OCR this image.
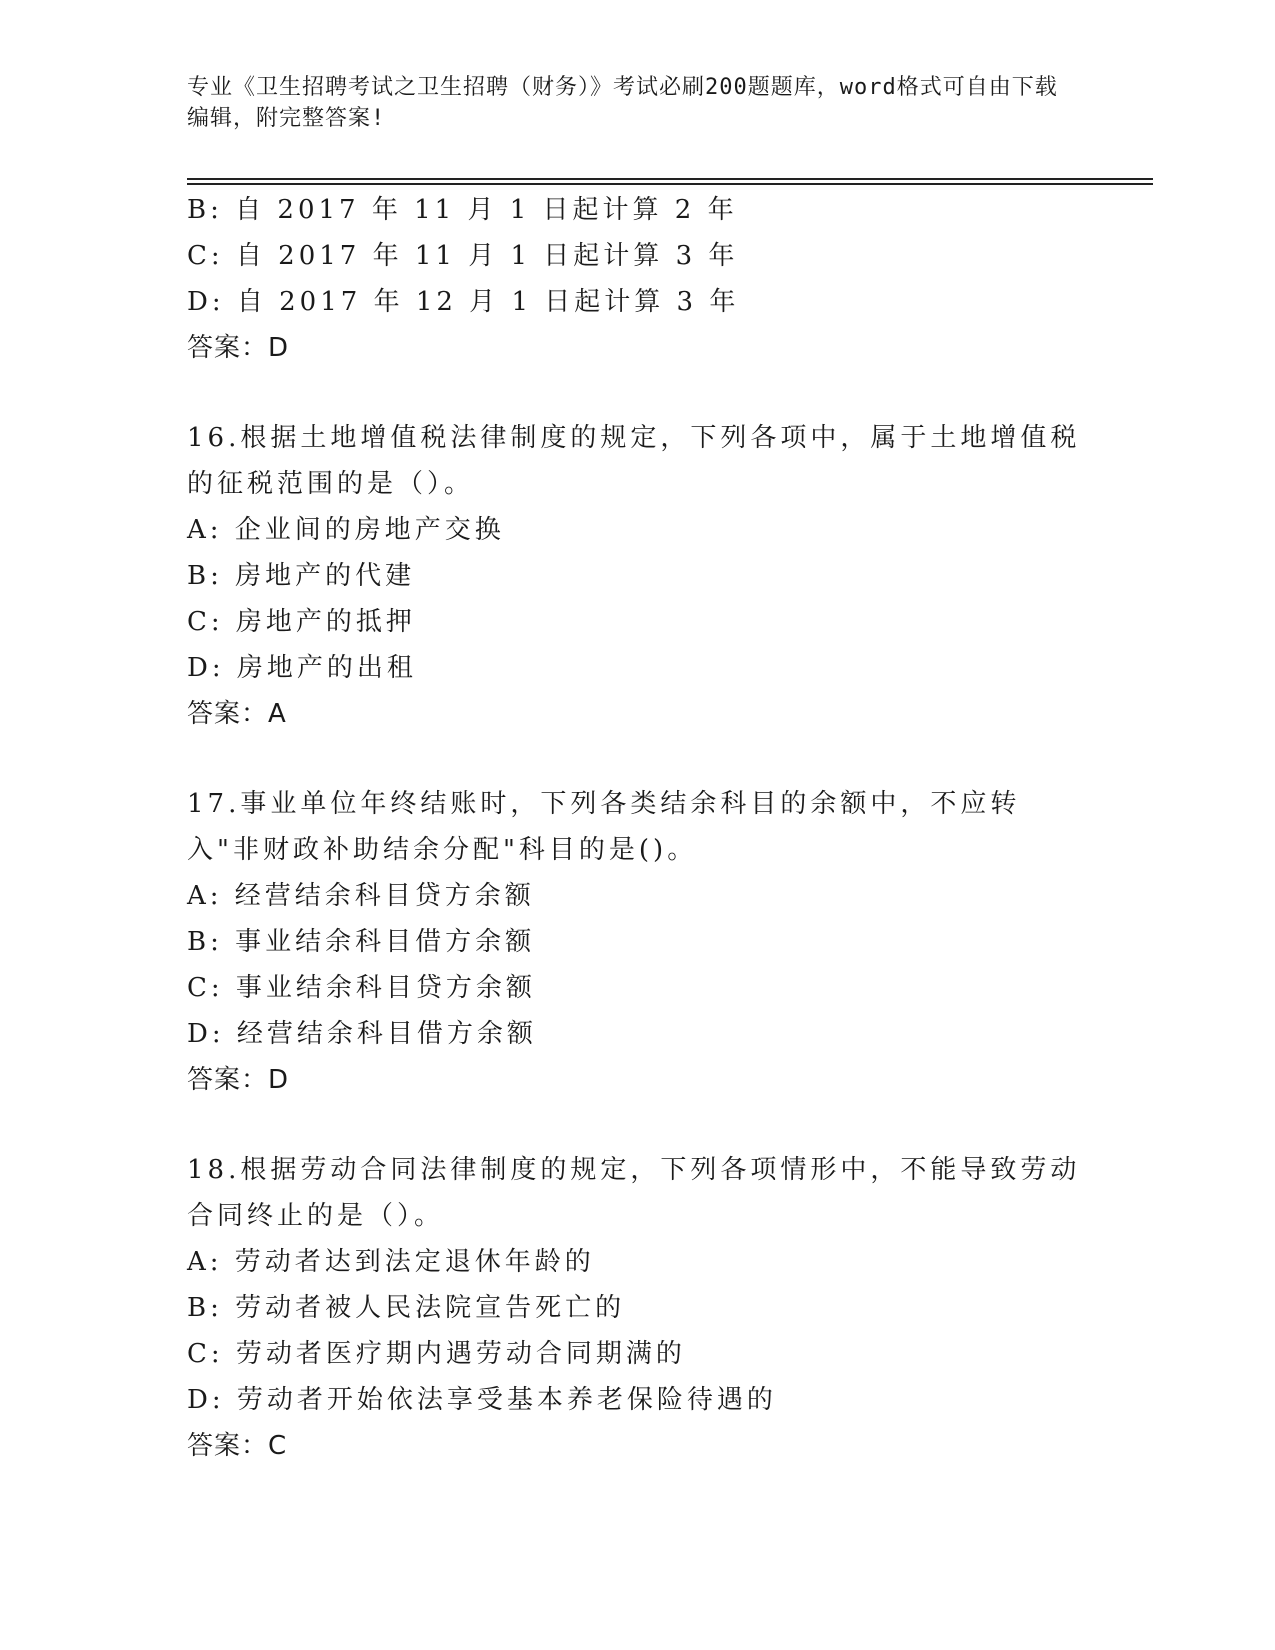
专业《卫生招聘考试之卫生招聘（财务）》考试必刷200题题库，word格式可自由下载编辑，附完整答案!
B: 自 2017 年 11 月 1 日起计算 2 年
C: 自 2017 年 11 月 1 日起计算 3 年
D: 自 2017 年 12 月 1 日起计算 3 年
答案：D
16.根据土地增值税法律制度的规定，下列各项中，属于土地增值税的征税范围的是（）。
A: 企业间的房地产交换
B: 房地产的代建
C: 房地产的抵押
D: 房地产的出租
答案：A
17.事业单位年终结账时，下列各类结余科目的余额中，不应转入"非财政补助结余分配"科目的是()。
A: 经营结余科目贷方余额
B: 事业结余科目借方余额
C: 事业结余科目贷方余额
D: 经营结余科目借方余额
答案：D
18.根据劳动合同法律制度的规定，下列各项情形中，不能导致劳动合同终止的是（）。
A: 劳动者达到法定退休年龄的
B: 劳动者被人民法院宣告死亡的
C: 劳动者医疗期内遇劳动合同期满的
D: 劳动者开始依法享受基本养老保险待遇的
答案：C
